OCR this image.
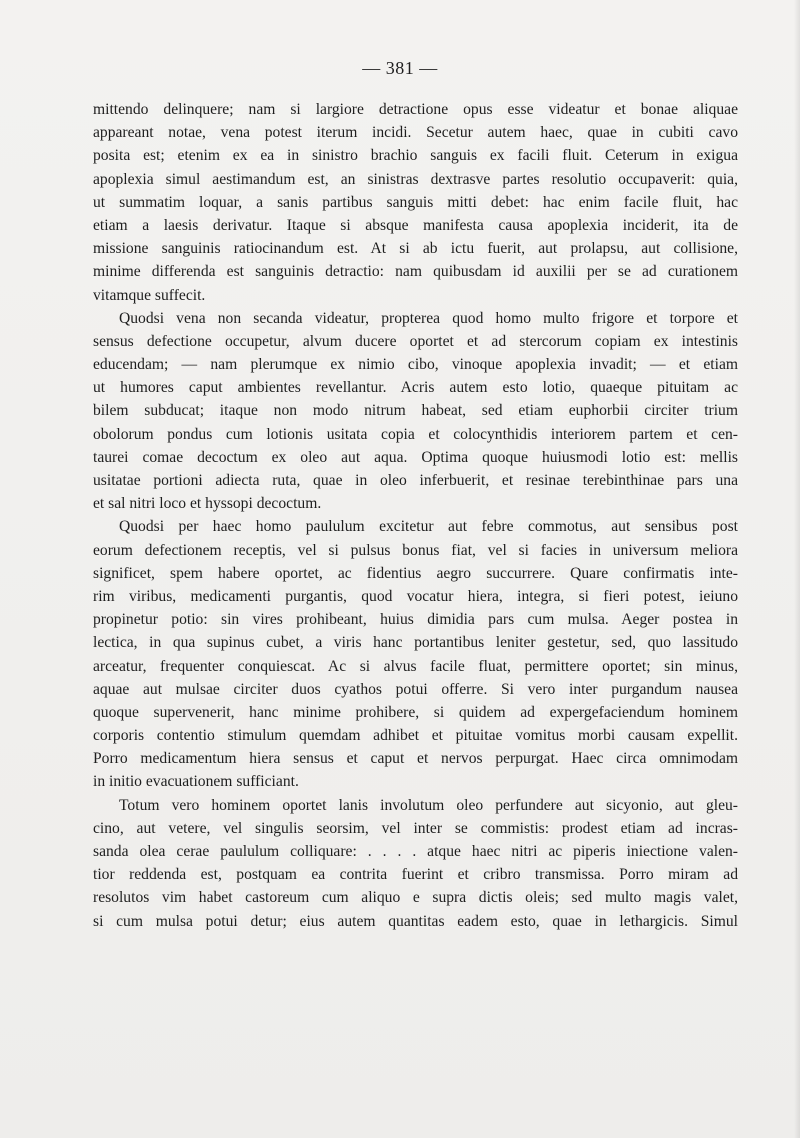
— 381 —
mittendo delinquere; nam si largiore detractione opus esse videatur et bonae aliquae
appareant notae, vena potest iterum incidi. Secetur autem haec, quae in cubiti cavo
posita est; etenim ex ea in sinistro brachio sanguis ex facili fluit. Ceterum in exigua
apoplexia simul aestimandum est, an sinistras dextrasve partes resolutio occupaverit: quia,
ut summatim loquar, a sanis partibus sanguis mitti debet: hac enim facile fluit, hac
etiam a laesis derivatur. Itaque si absque manifesta causa apoplexia inciderit, ita de
missione sanguinis ratiocinandum est. At si ab ictu fuerit, aut prolapsu, aut collisione,
minime differenda est sanguinis detractio: nam quibusdam id auxilii per se ad curationem
vitamque suffecit.
Quodsi vena non secanda videatur, propterea quod homo multo frigore et torpore et
sensus defectione occupetur, alvum ducere oportet et ad stercorum copiam ex intestinis
educendam; — nam plerumque ex nimio cibo, vinoque apoplexia invadit; — et etiam
ut humores caput ambientes revellantur. Acris autem esto lotio, quaeque pituitam ac
bilem subducat; itaque non modo nitrum habeat, sed etiam euphorbii circiter trium
obolorum pondus cum lotionis usitata copia et colocynthidis interiorem partem et cen-
taurei comae decoctum ex oleo aut aqua. Optima quoque huiusmodi lotio est: mellis
usitatae portioni adiecta ruta, quae in oleo inferbuerit, et resinae terebinthinae pars una
et sal nitri loco et hyssopi decoctum.
Quodsi per haec homo paululum excitetur aut febre commotus, aut sensibus post
eorum defectionem receptis, vel si pulsus bonus fiat, vel si facies in universum meliora
significet, spem habere oportet, ac fidentius aegro succurrere. Quare confirmatis inte-
rim viribus, medicamenti purgantis, quod vocatur hiera, integra, si fieri potest, ieiuno
propinetur potio: sin vires prohibeant, huius dimidia pars cum mulsa. Aeger postea in
lectica, in qua supinus cubet, a viris hanc portantibus leniter gestetur, sed, quo lassitudo
arceatur, frequenter conquiescat. Ac si alvus facile fluat, permittere oportet; sin minus,
aquae aut mulsae circiter duos cyathos potui offerre. Si vero inter purgandum nausea
quoque supervenerit, hanc minime prohibere, si quidem ad expergefaciendum hominem
corporis contentio stimulum quemdam adhibet et pituitae vomitus morbi causam expellit.
Porro medicamentum hiera sensus et caput et nervos perpurgat. Haec circa omnimodam
in initio evacuationem sufficiant.
Totum vero hominem oportet lanis involutum oleo perfundere aut sicyonio, aut gleu-
cino, aut vetere, vel singulis seorsim, vel inter se commistis: prodest etiam ad incras-
sanda olea cerae paululum colliquare: . . . . atque haec nitri ac piperis iniectione valen-
tior reddenda est, postquam ea contrita fuerint et cribro transmissa. Porro miram ad
resolutos vim habet castoreum cum aliquo e supra dictis oleis; sed multo magis valet,
si cum mulsa potui detur; eius autem quantitas eadem esto, quae in lethargicis. Simul
